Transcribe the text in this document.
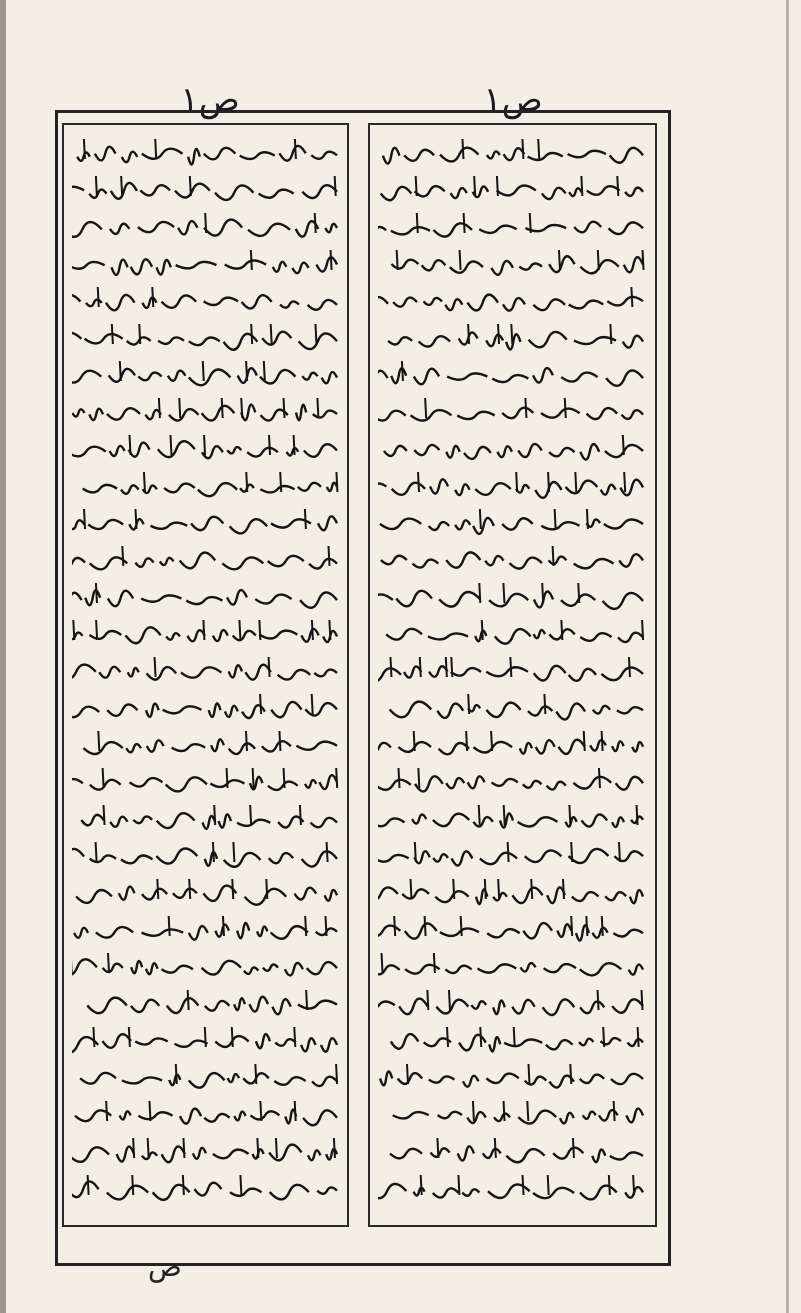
ص١	ص١
ص
